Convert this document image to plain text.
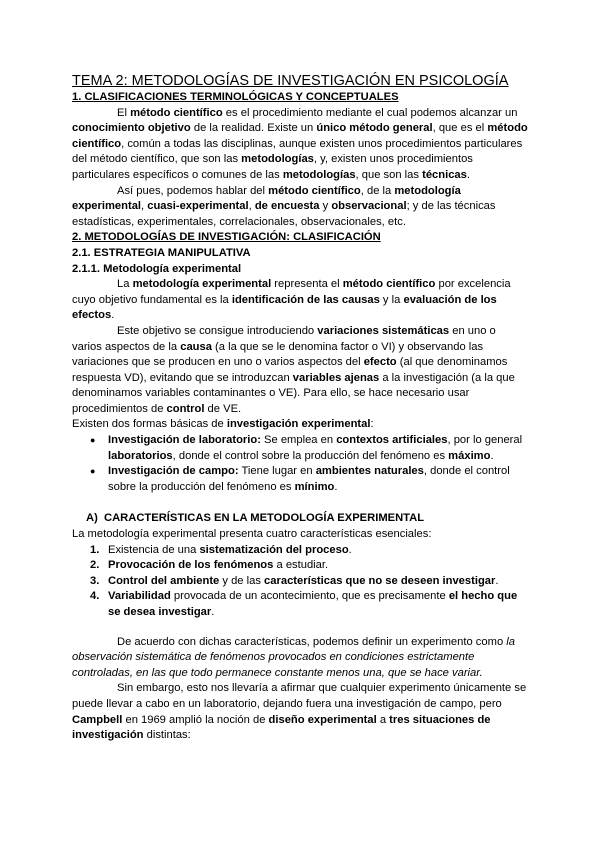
TEMA 2: METODOLOGÍAS DE INVESTIGACIÓN EN PSICOLOGÍA
1. CLASIFICACIONES TERMINOLÓGICAS Y CONCEPTUALES

El método científico es el procedimiento mediante el cual podemos alcanzar un conocimiento objetivo de la realidad. Existe un único método general, que es el método científico, común a todas las disciplinas, aunque existen unos procedimientos particulares del método científico, que son las metodologías, y, existen unos procedimientos particulares específicos o comunes de las metodologías, que son las técnicas.

Así pues, podemos hablar del método científico, de la metodología experimental, cuasi-experimental, de encuesta y observacional; y de las técnicas estadísticas, experimentales, correlacionales, observacionales, etc.

2. METODOLOGÍAS DE INVESTIGACIÓN: CLASIFICACIÓN
2.1. ESTRATEGIA MANIPULATIVA
2.1.1. Metodología experimental

La metodología experimental representa el método científico por excelencia cuyo objetivo fundamental es la identificación de las causas y la evaluación de los efectos.

Este objetivo se consigue introduciendo variaciones sistemáticas en uno o varios aspectos de la causa (a la que se le denomina factor o VI) y observando las variaciones que se producen en uno o varios aspectos del efecto (al que denominamos respuesta VD), evitando que se introduzcan variables ajenas a la investigación (a la que denominamos variables contaminantes o VE). Para ello, se hace necesario usar procedimientos de control de VE.

Existen dos formas básicas de investigación experimental:

● Investigación de laboratorio: Se emplea en contextos artificiales, por lo general laboratorios, donde el control sobre la producción del fenómeno es máximo.
● Investigación de campo: Tiene lugar en ambientes naturales, donde el control sobre la producción del fenómeno es mínimo.
A) CARACTERÍSTICAS EN LA METODOLOGÍA EXPERIMENTAL

La metodología experimental presenta cuatro características esenciales:

1. Existencia de una sistematización del proceso.
2. Provocación de los fenómenos a estudiar.
3. Control del ambiente y de las características que no se deseen investigar.
4. Variabilidad provocada de un acontecimiento, que es precisamente el hecho que se desea investigar.

De acuerdo con dichas características, podemos definir un experimento como la observación sistemática de fenómenos provocados en condiciones estrictamente controladas, en las que todo permanece constante menos una, que se hace variar.

Sin embargo, esto nos llevaría a afirmar que cualquier experimento únicamente se puede llevar a cabo en un laboratorio, dejando fuera una investigación de campo, pero Campbell en 1969 amplió la noción de diseño experimental a tres situaciones de investigación distintas:
